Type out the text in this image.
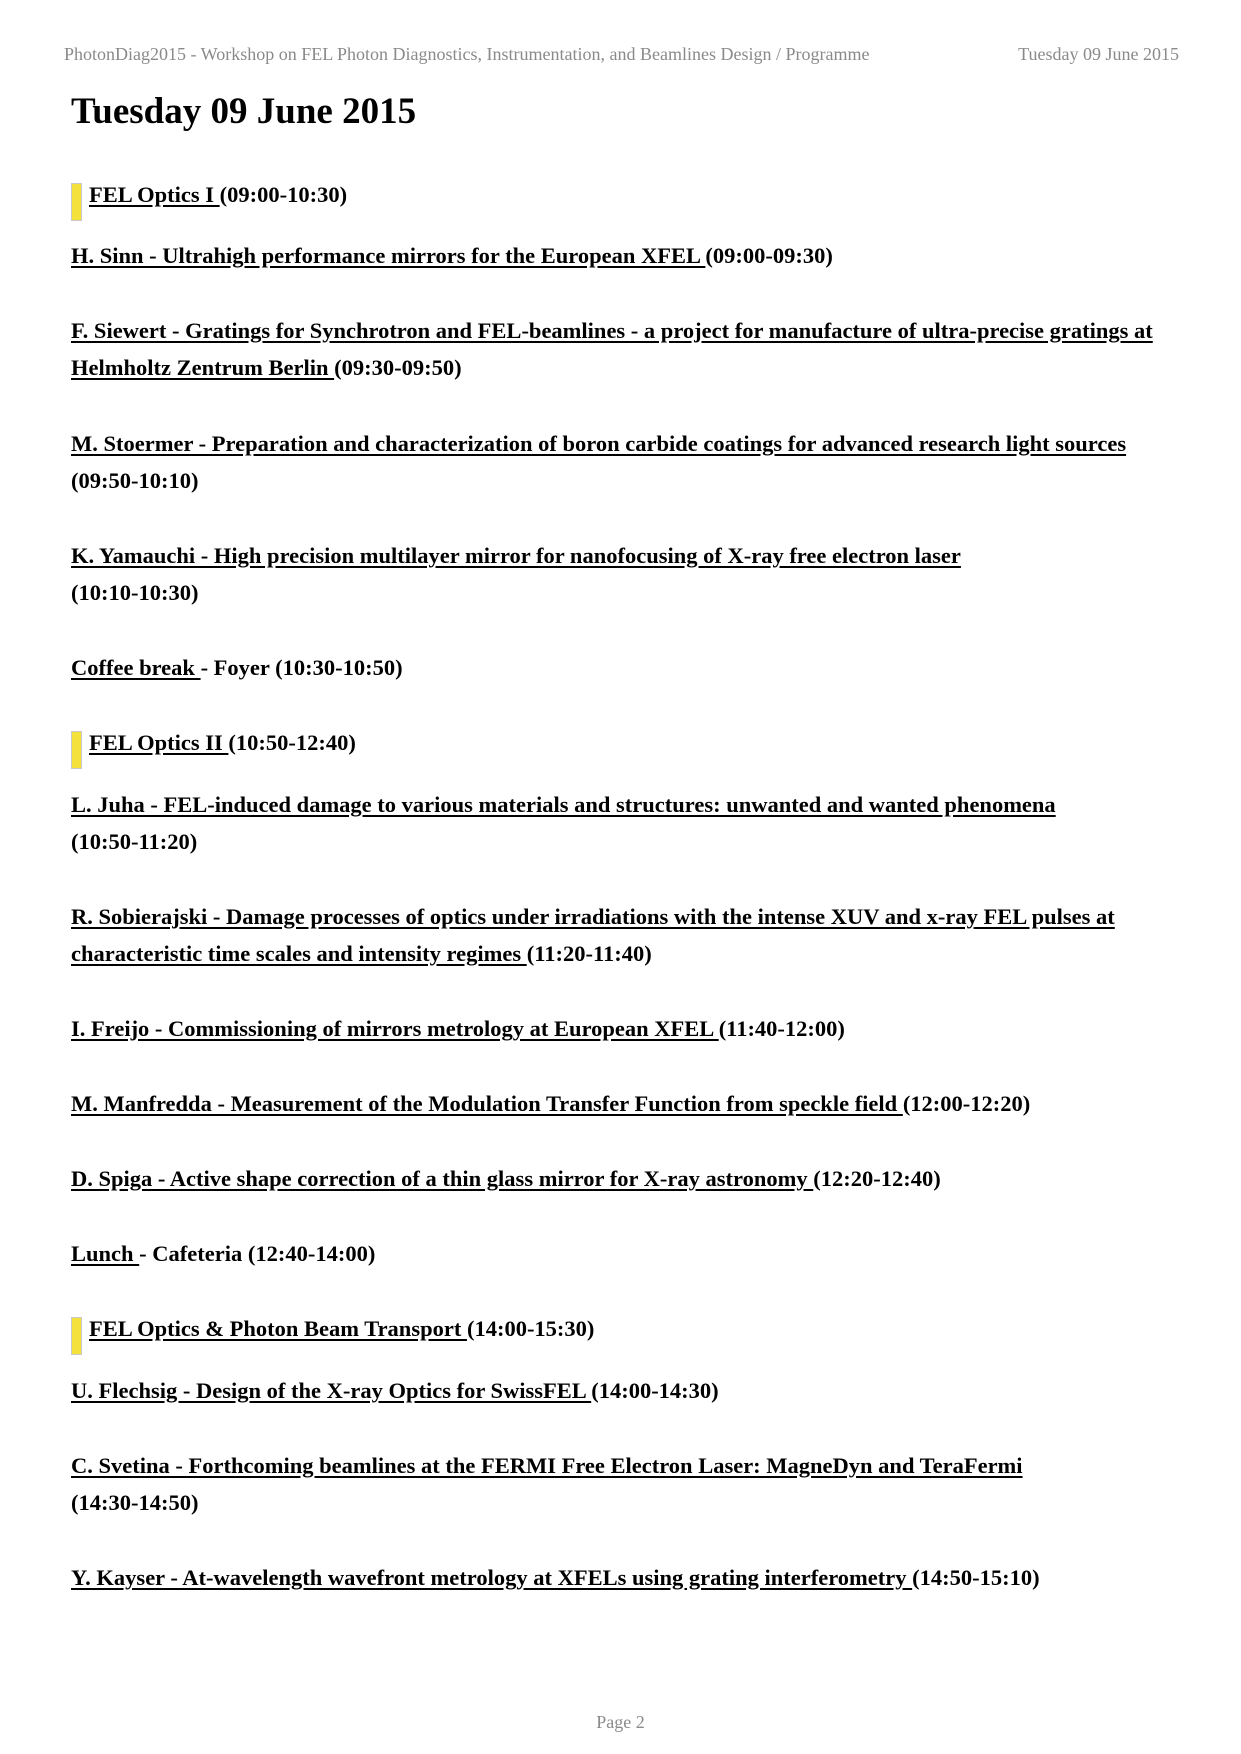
PhotonDiag2015 - Workshop on FEL Photon Diagnostics, Instrumentation, and Beamlines Design / Programme	Tuesday 09 June 2015
Tuesday 09 June 2015
FEL Optics I (09:00-10:30)
H. Sinn - Ultrahigh performance mirrors for the European XFEL (09:00-09:30)
F. Siewert - Gratings for Synchrotron and FEL-beamlines - a project for manufacture of ultra-precise gratings at Helmholtz Zentrum Berlin (09:30-09:50)
M. Stoermer - Preparation and characterization of boron carbide coatings for advanced research light sources (09:50-10:10)
K. Yamauchi - High precision multilayer mirror for nanofocusing of X-ray free electron laser
(10:10-10:30)
Coffee break - Foyer (10:30-10:50)
FEL Optics II (10:50-12:40)
L. Juha - FEL-induced damage to various materials and structures: unwanted and wanted phenomena
(10:50-11:20)
R. Sobierajski - Damage processes of optics under irradiations with the intense XUV and x-ray FEL pulses at characteristic time scales and intensity regimes (11:20-11:40)
I. Freijo - Commissioning of mirrors metrology at European XFEL (11:40-12:00)
M. Manfredda - Measurement of the Modulation Transfer Function from speckle field (12:00-12:20)
D. Spiga - Active shape correction of a thin glass mirror for X-ray astronomy (12:20-12:40)
Lunch - Cafeteria (12:40-14:00)
FEL Optics & Photon Beam Transport (14:00-15:30)
U. Flechsig - Design of the X-ray Optics for SwissFEL (14:00-14:30)
C. Svetina - Forthcoming beamlines at the FERMI Free Electron Laser: MagneDyn and TeraFermi
(14:30-14:50)
Y. Kayser - At-wavelength wavefront metrology at XFELs using grating interferometry (14:50-15:10)
Page 2
